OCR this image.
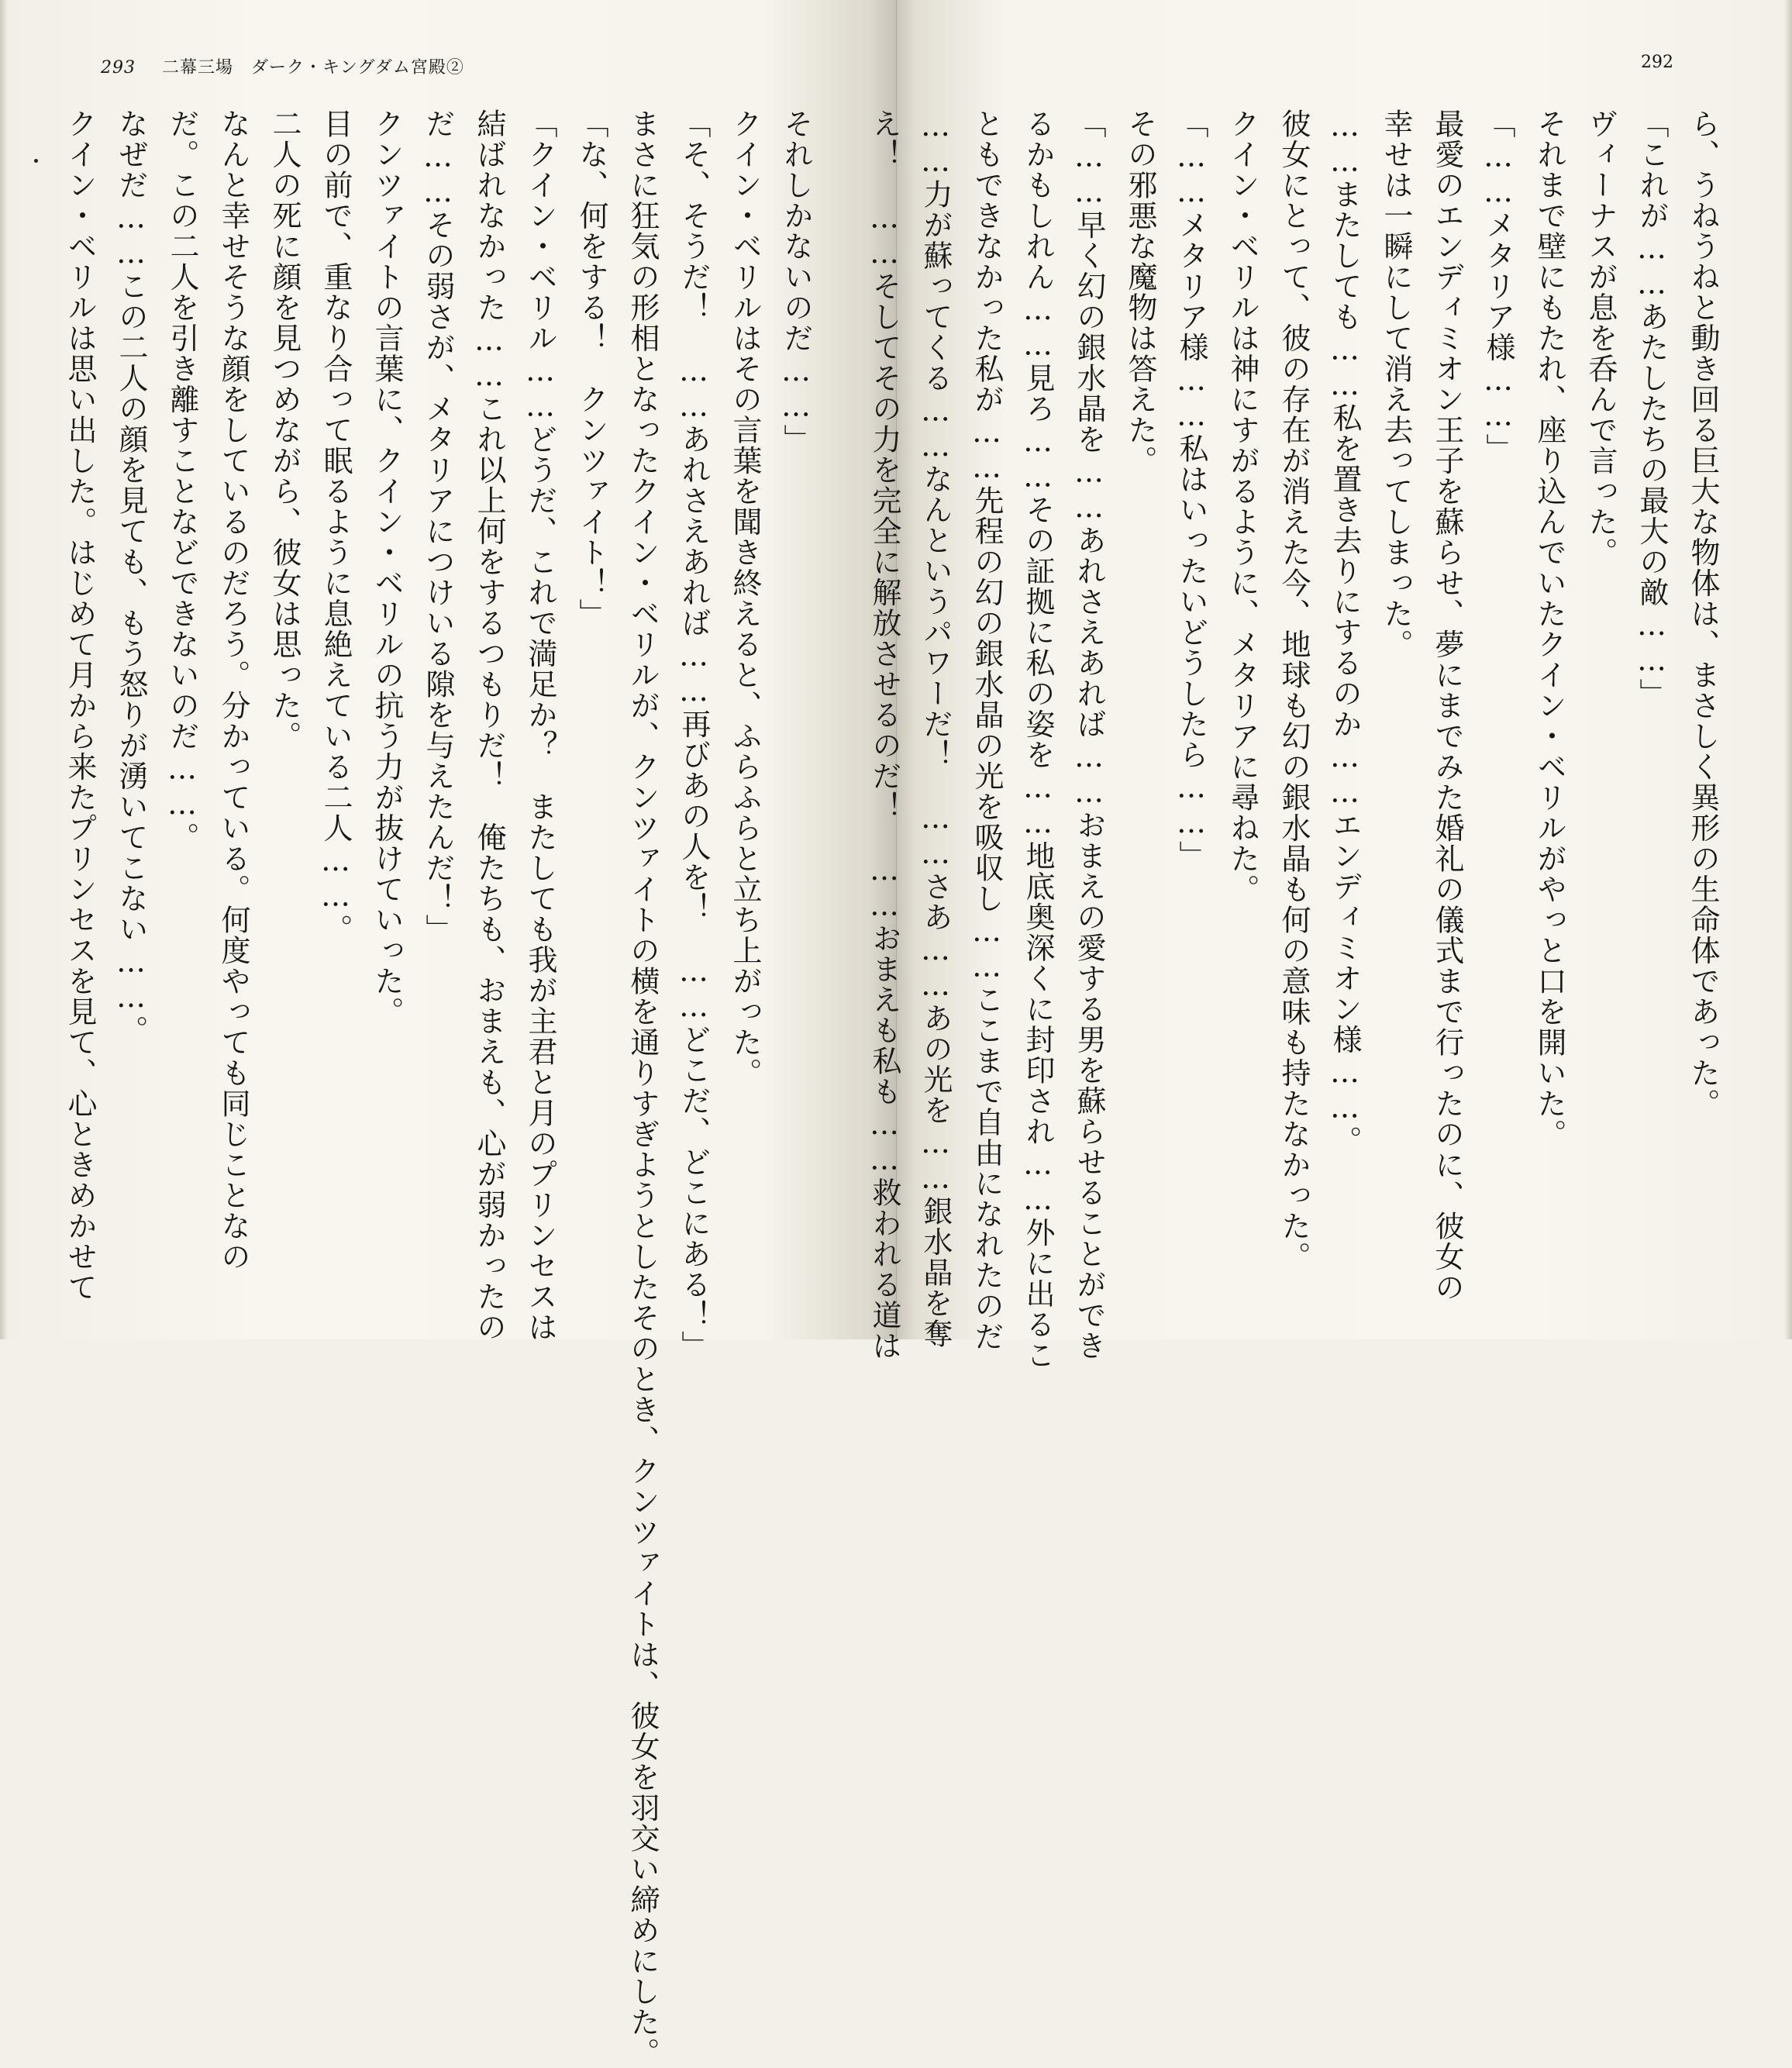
293 二幕三場　ダーク・キングダム宮殿②
それしかないのだ……」
クイン・ベリルはその言葉を聞き終えると、ふらふらと立ち上がった。
「そ、そうだ！　……あれさえあれば……再びあの人を！　……どこだ、どこにある！」
まさに狂気の形相となったクイン・ベリルが、クンツァイトの横を通りすぎようとしたそのとき、クンツァイトは、彼女を羽交い締めにした。
「な、何をする！　クンツァイト！」
「クイン・ベリル……どうだ、これで満足か？　またしても我が主君と月のプリンセスは
結ばれなかった……これ以上何をするつもりだ！　俺たちも、おまえも、心が弱かったの
だ……その弱さが、メタリアにつけいる隙を与えたんだ！」
クンツァイトの言葉に、クイン・ベリルの抗う力が抜けていった。
目の前で、重なり合って眠るように息絶えている二人……。
二人の死に顔を見つめながら、彼女は思った。
なんと幸せそうな顔をしているのだろう。分かっている。何度やっても同じことなの
だ。この二人を引き離すことなどできないのだ……。
なぜだ……この二人の顔を見ても、もう怒りが湧いてこない……。
クイン・ベリルは思い出した。はじめて月から来たプリンセスを見て、心ときめかせて
292
ら、うねうねと動き回る巨大な物体は、まさしく異形の生命体であった。
「これが……あたしたちの最大の敵……」
ヴィーナスが息を呑んで言った。
それまで壁にもたれ、座り込んでいたクイン・ベリルがやっと口を開いた。
「……メタリア様……」
最愛のエンディミオン王子を蘇らせ、夢にまでみた婚礼の儀式まで行ったのに、彼女の
幸せは一瞬にして消え去ってしまった。
……またしても……私を置き去りにするのか……エンディミオン様……。
彼女にとって、彼の存在が消えた今、地球も幻の銀水晶も何の意味も持たなかった。
クイン・ベリルは神にすがるように、メタリアに尋ねた。
「……メタリア様……私はいったいどうしたら……」
その邪悪な魔物は答えた。
「……早く幻の銀水晶を……あれさえあれば……おまえの愛する男を蘇らせることができ
るかもしれん……見ろ……その証拠に私の姿を……地底奥深くに封印され……外に出るこ
ともできなかった私が……先程の幻の銀水晶の光を吸収し……ここまで自由になれたのだ
……力が蘇ってくる……なんというパワーだ！　……さあ……あの光を……銀水晶を奪
え！　……そしてその力を完全に解放させるのだ！　……おまえも私も……救われる道は
